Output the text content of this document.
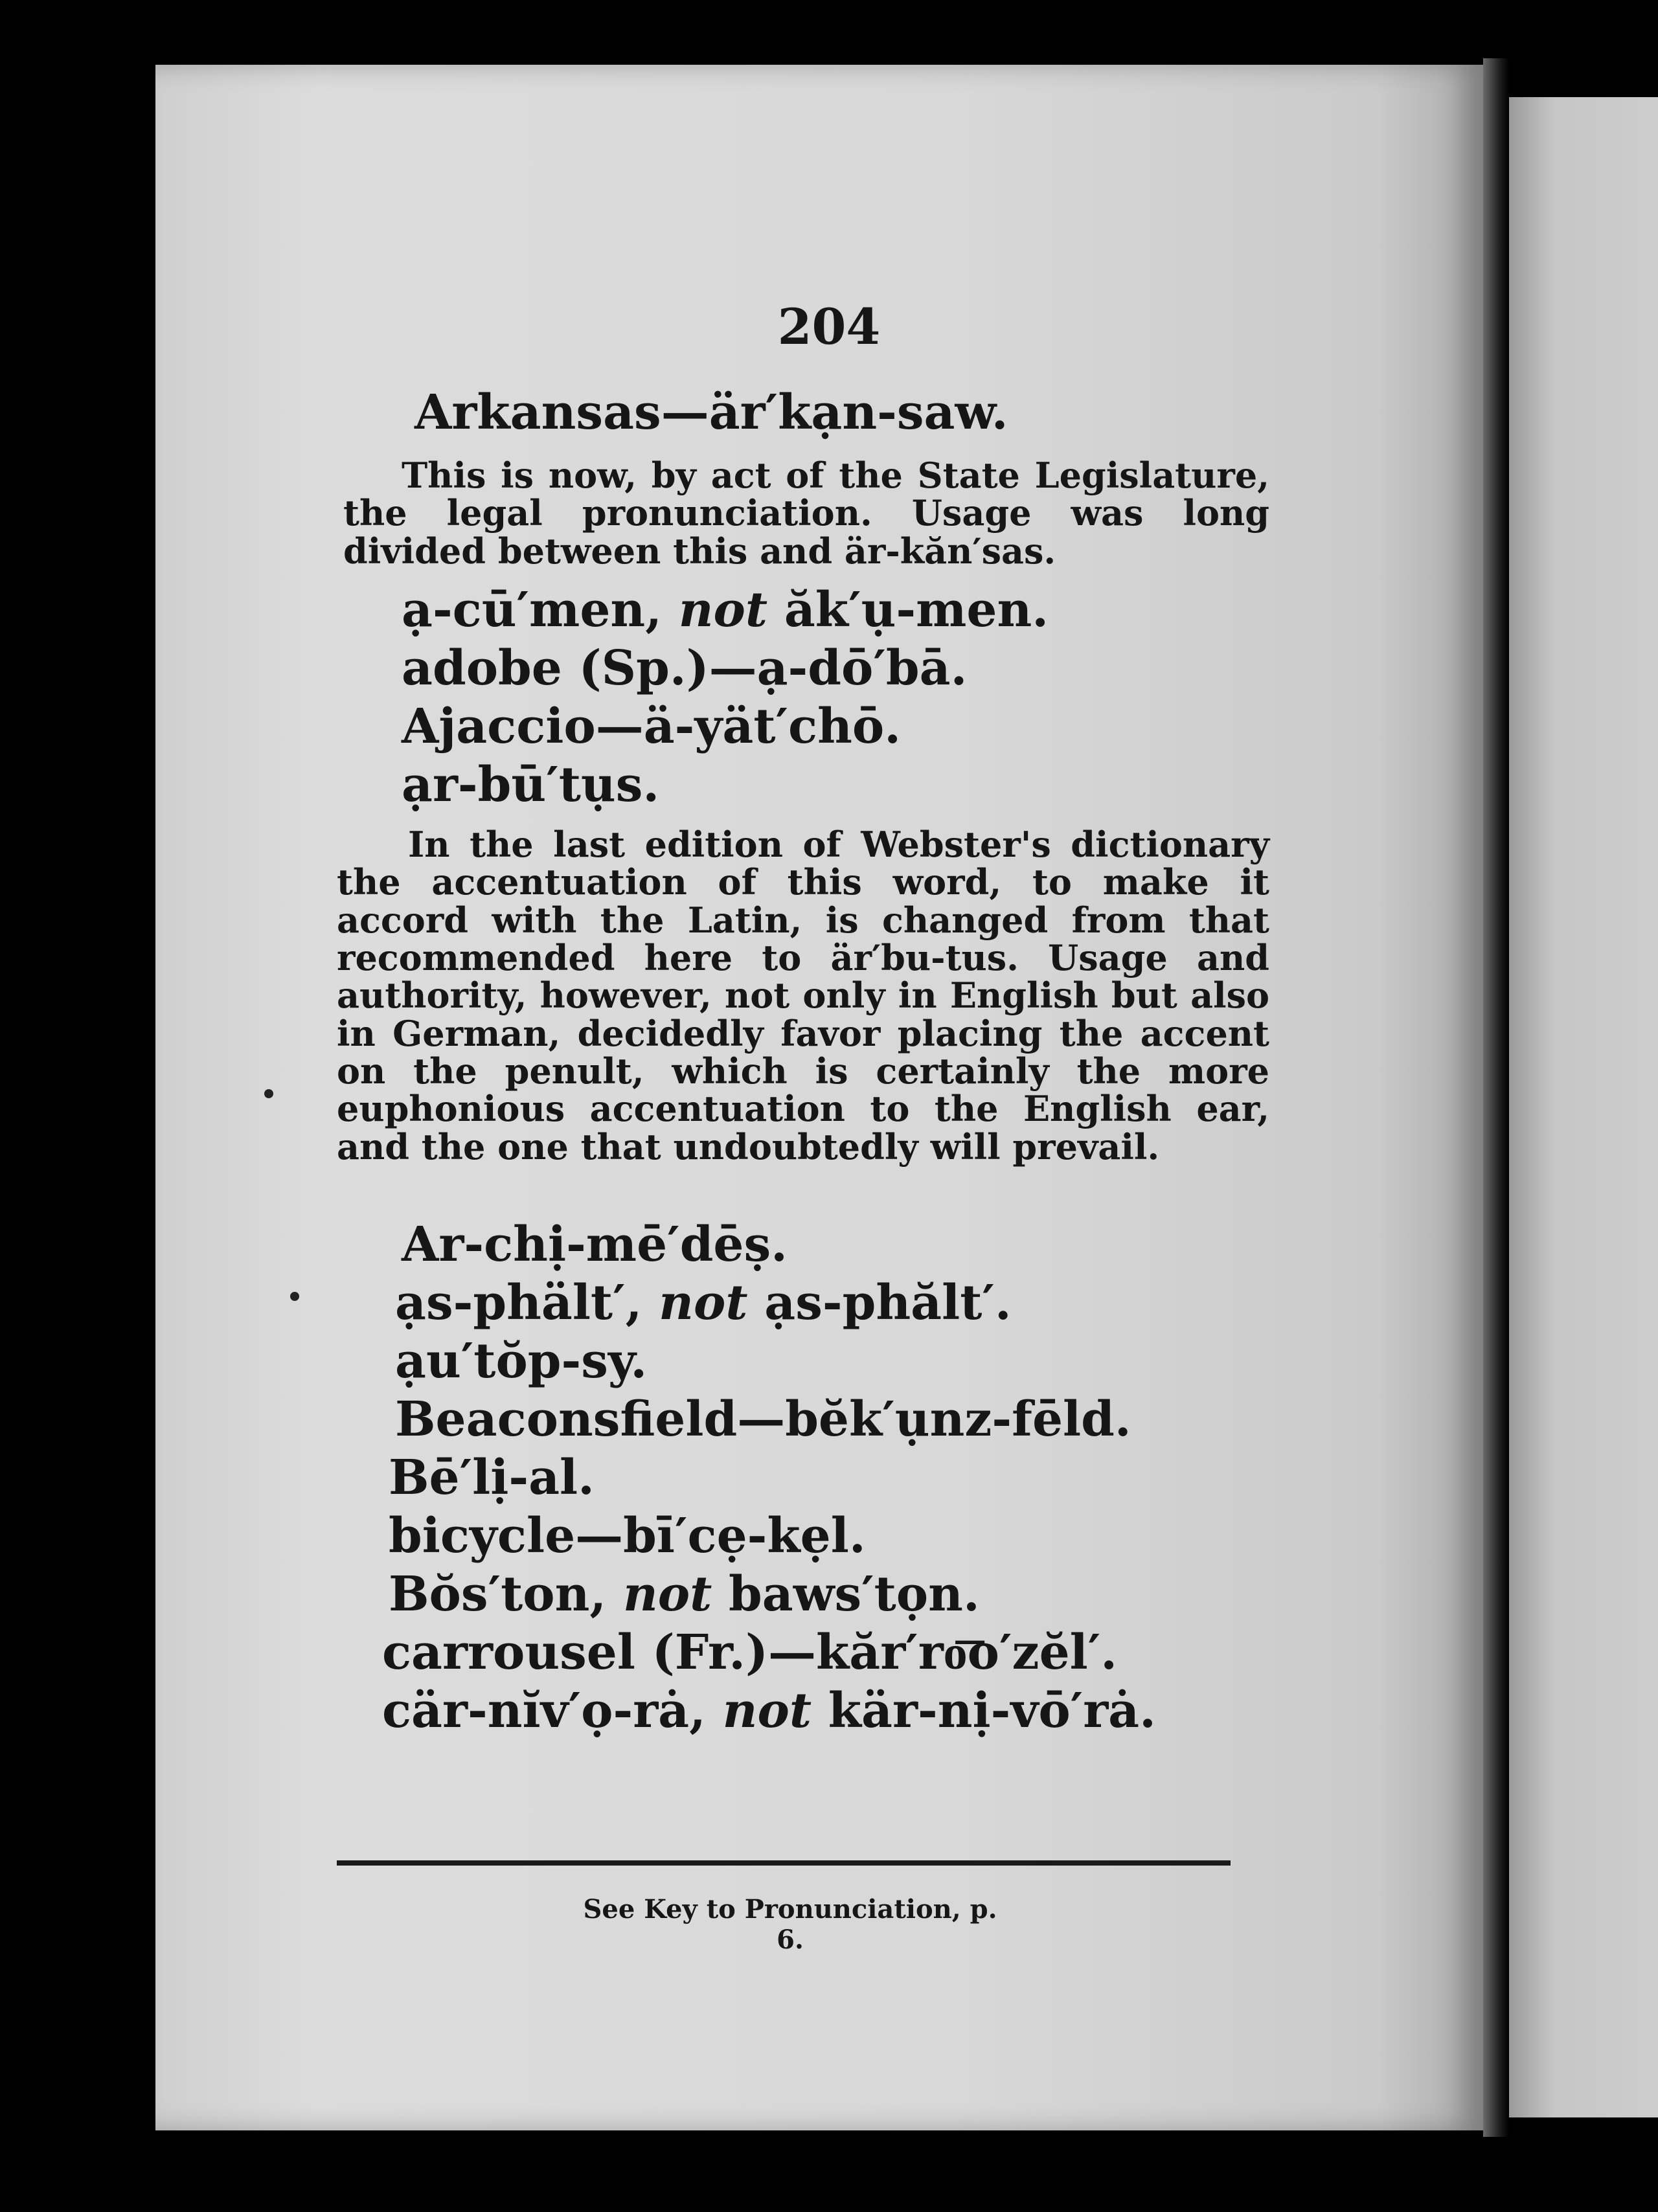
204
Arkansas—är′kạn-saw.

This is now, by act of the State Legislature, the legal pronunciation. Usage was long divided between this and är-kăn′sas.

ạ-cū′men, not ăk′ụ-men.
adobe (Sp.)—ạ-dō′bā.
Ajaccio—ä-yät′chō.
ạr-bū′tụs.

In the last edition of Webster's dictionary the accentuation of this word, to make it accord with the Latin, is changed from that recommended here to är′bu-tus. Usage and authority, however, not only in English but also in German, decidedly favor placing the accent on the penult, which is certainly the more euphonious accentuation to the English ear, and the one that undoubtedly will prevail.

Ar-chị-mē′dēṣ.
ạs-phält′, not ạs-phălt′.
ạu′tŏp-sy.
Beaconsfield—bĕk′ụnz-fēld.
Bē′lị-al.
bicycle—bī′cẹ-kẹl.
Bŏs′ton, not baws′tọn.
carrousel (Fr.)—kăr′ro͞o′zĕl′.
cär-nĭv′ọ-rȧ, not kär-nị-vō′rȧ.
See Key to Pronunciation, p. 6.
